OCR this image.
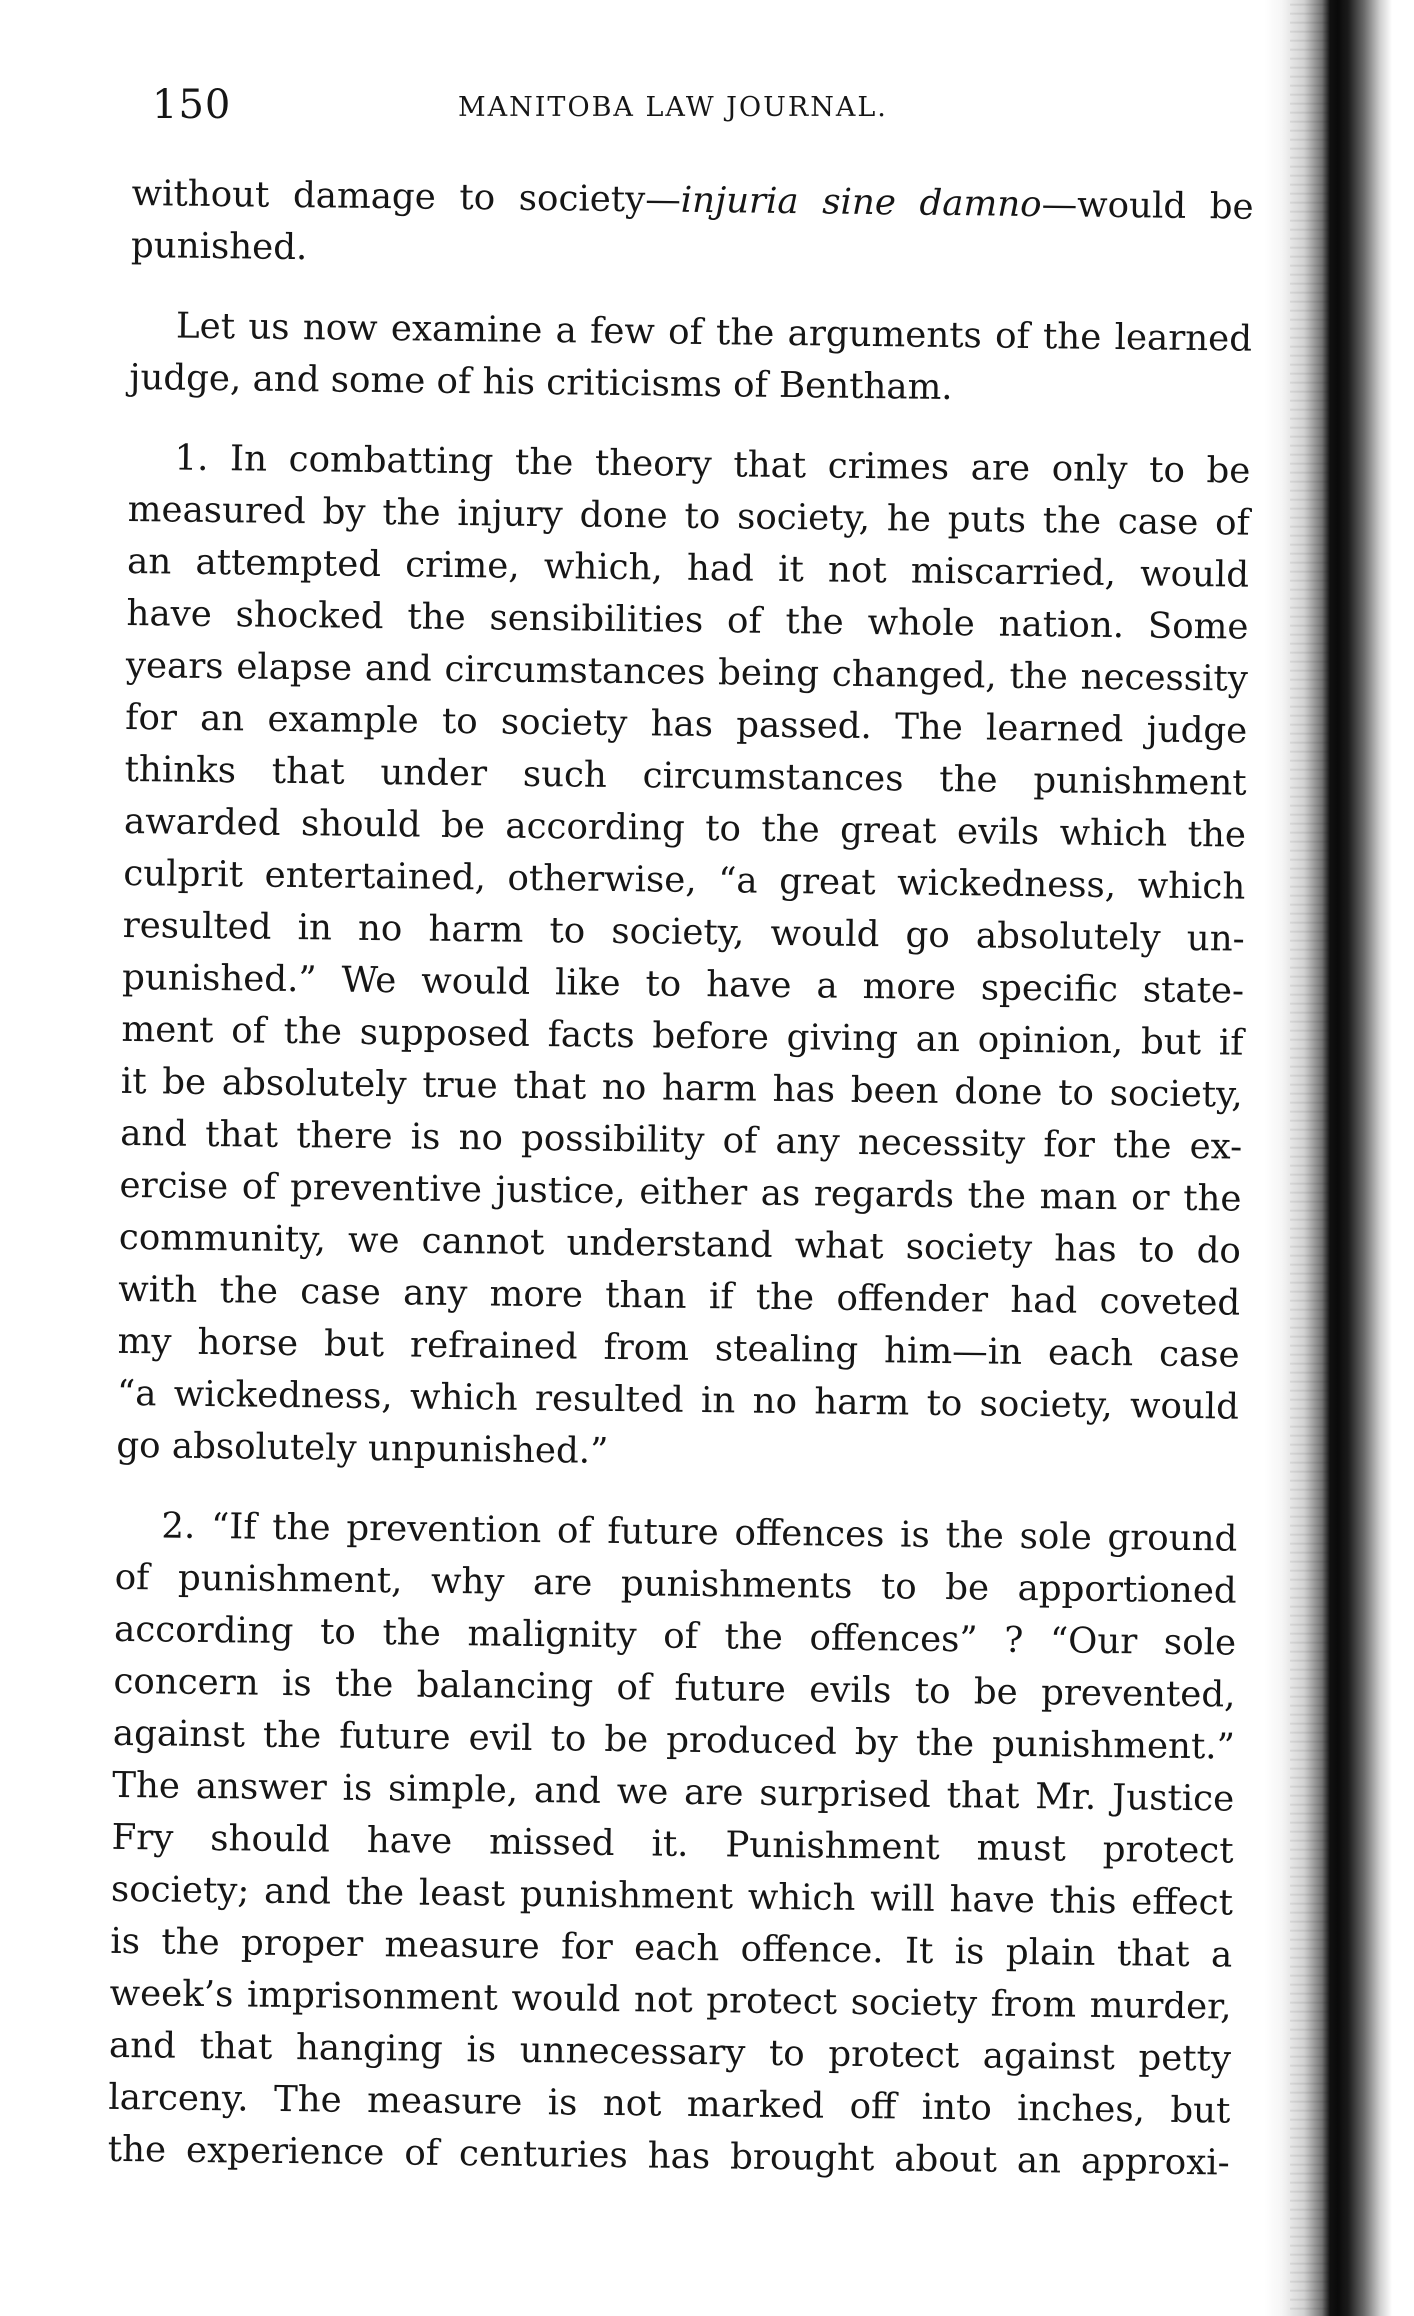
150	MANITOBA LAW JOURNAL.
without damage to society—injuria sine damno—would be
punished.
Let us now examine a few of the arguments of the learned
judge, and some of his criticisms of Bentham.
1. In combatting the theory that crimes are only to be
measured by the injury done to society, he puts the case of
an attempted crime, which, had it not miscarried, would
have shocked the sensibilities of the whole nation. Some
years elapse and circumstances being changed, the necessity
for an example to society has passed. The learned judge
thinks that under such circumstances the punishment
awarded should be according to the great evils which the
culprit entertained, otherwise, “a great wickedness, which
resulted in no harm to society, would go absolutely un-
punished.” We would like to have a more specific state-
ment of the supposed facts before giving an opinion, but if
it be absolutely true that no harm has been done to society,
and that there is no possibility of any necessity for the ex-
ercise of preventive justice, either as regards the man or the
community, we cannot understand what society has to do
with the case any more than if the offender had coveted
my horse but refrained from stealing him—in each case
“a wickedness, which resulted in no harm to society, would
go absolutely unpunished.”
2. “If the prevention of future offences is the sole ground
of punishment, why are punishments to be apportioned
according to the malignity of the offences” ? “Our sole
concern is the balancing of future evils to be prevented,
against the future evil to be produced by the punishment.”
The answer is simple, and we are surprised that Mr. Justice
Fry should have missed it. Punishment must protect
society; and the least punishment which will have this effect
is the proper measure for each offence. It is plain that a
week’s imprisonment would not protect society from murder,
and that hanging is unnecessary to protect against petty
larceny. The measure is not marked off into inches, but
the experience of centuries has brought about an approxi-
